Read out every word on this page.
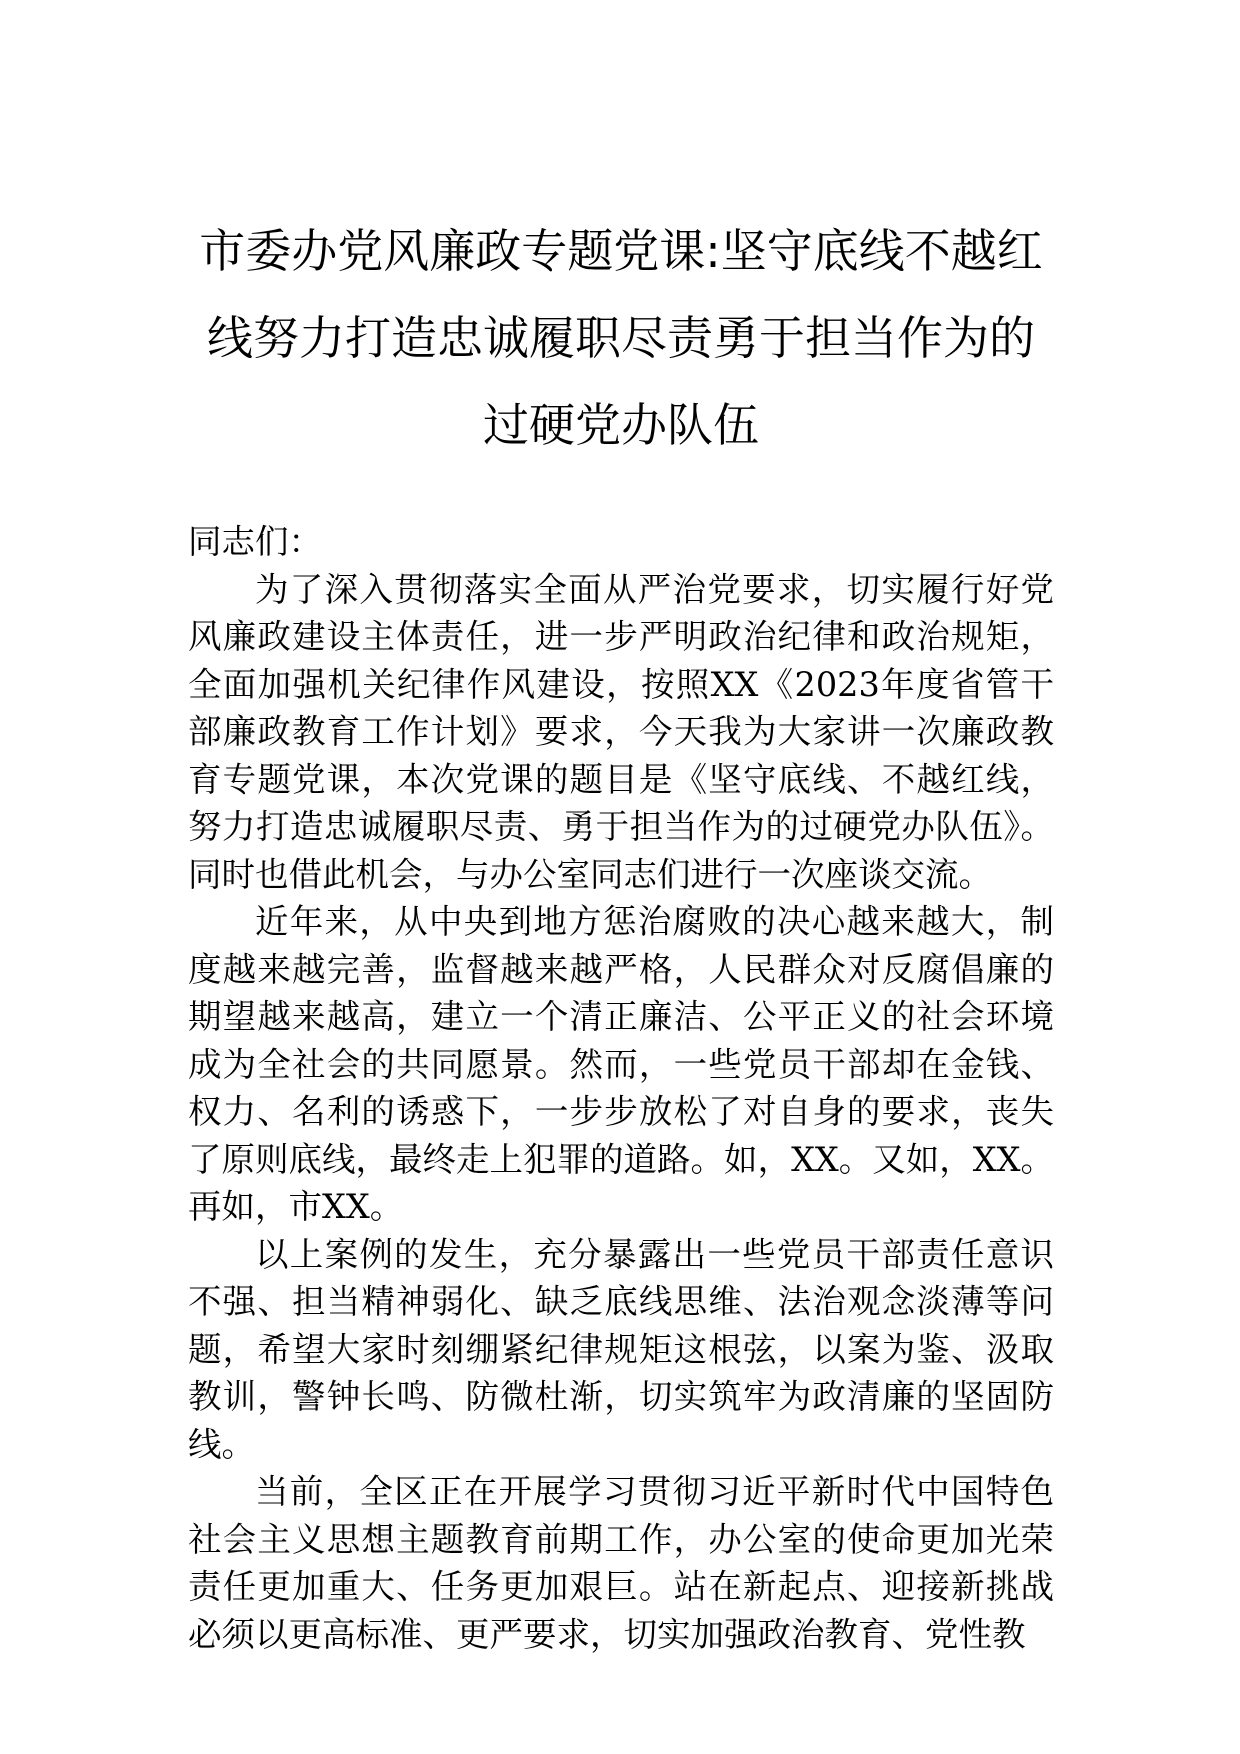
市委办党风廉政专题党课:坚守底线不越红
线努力打造忠诚履职尽责勇于担当作为的
过硬党办队伍

同志们：

为了深入贯彻落实全面从严治党要求，切实履行好党风廉政建设主体责任，进一步严明政治纪律和政治规矩，全面加强机关纪律作风建设，按照XX《2023年度省管干部廉政教育工作计划》要求，今天我为大家讲一次廉政教育专题党课，本次党课的题目是《坚守底线、不越红线，努力打造忠诚履职尽责、勇于担当作为的过硬党办队伍》。同时也借此机会，与办公室同志们进行一次座谈交流。

近年来，从中央到地方惩治腐败的决心越来越大，制度越来越完善，监督越来越严格，人民群众对反腐倡廉的期望越来越高，建立一个清正廉洁、公平正义的社会环境成为全社会的共同愿景。然而，一些党员干部却在金钱、权力、名利的诱惑下，一步步放松了对自身的要求，丧失了原则底线，最终走上犯罪的道路。如，XX。又如，XX。再如，市XX。

以上案例的发生，充分暴露出一些党员干部责任意识不强、担当精神弱化、缺乏底线思维、法治观念淡薄等问题，希望大家时刻绷紧纪律规矩这根弦，以案为鉴、汲取教训，警钟长鸣、防微杜渐，切实筑牢为政清廉的坚固防线。

当前，全区正在开展学习贯彻习近平新时代中国特色社会主义思想主题教育前期工作，办公室的使命更加光荣责任更加重大、任务更加艰巨。站在新起点、迎接新挑战必须以更高标准、更严要求，切实加强政治教育、党性教
